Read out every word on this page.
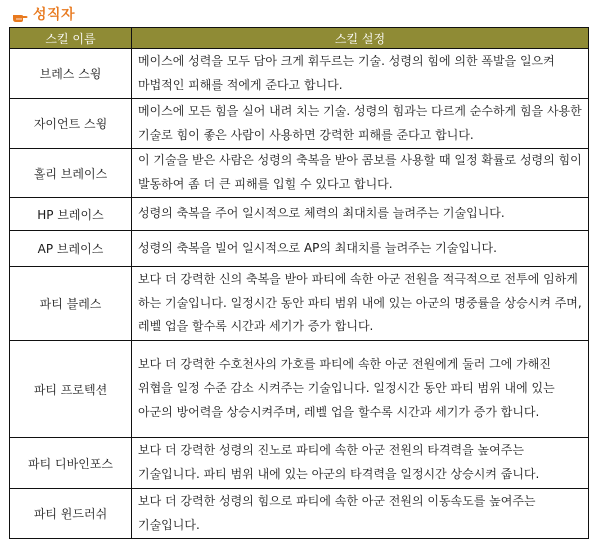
성직자
스킬 이름	스킬 설정
브레스 스윙	메이스에 성력을 모두 담아 크게 휘두르는 기술. 성령의 힘에 의한 폭발을 일으켜 마법적인 피해를 적에게 준다고 합니다.
자이언트 스윙	메이스에 모든 힘을 실어 내려 치는 기술. 성령의 힘과는 다르게 순수하게 힘을 사용한 기술로 힘이 좋은 사람이 사용하면 강력한 피해를 준다고 합니다.
홀리 브레이스	이 기술을 받은 사람은 성령의 축복을 받아 콤보를 사용할 때 일정 확률로 성령의 힘이 발동하여 좀 더 큰 피해를 입힐 수 있다고 합니다.
HP 브레이스	성령의 축복을 주어 일시적으로 체력의 최대치를 늘려주는 기술입니다.
AP 브레이스	성령의 축복을 빌어 일시적으로 AP의 최대치를 늘려주는 기술입니다.
파티 블레스	보다 더 강력한 신의 축복을 받아 파티에 속한 아군 전원을 적극적으로 전투에 임하게 하는 기술입니다. 일정시간 동안 파티 범위 내에 있는 아군의 명중률을 상승시켜 주며, 레벨 업을 할수록 시간과 세기가 증가 합니다.
파티 프로텍션	보다 더 강력한 수호천사의 가호를 파티에 속한 아군 전원에게 둘러 그에 가해진 위협을 일정 수준 감소 시켜주는 기술입니다. 일정시간 동안 파티 범위 내에 있는 아군의 방어력을 상승시켜주며, 레벨 업을 할수록 시간과 세기가 증가 합니다.
파티 디바인포스	보다 더 강력한 성령의 진노로 파티에 속한 아군 전원의 타격력을 높여주는 기술입니다. 파티 범위 내에 있는 아군의 타격력을 일정시간 상승시켜 줍니다.
파티 윈드러쉬	보다 더 강력한 성령의 힘으로 파티에 속한 아군 전원의 이동속도를 높여주는 기술입니다.
